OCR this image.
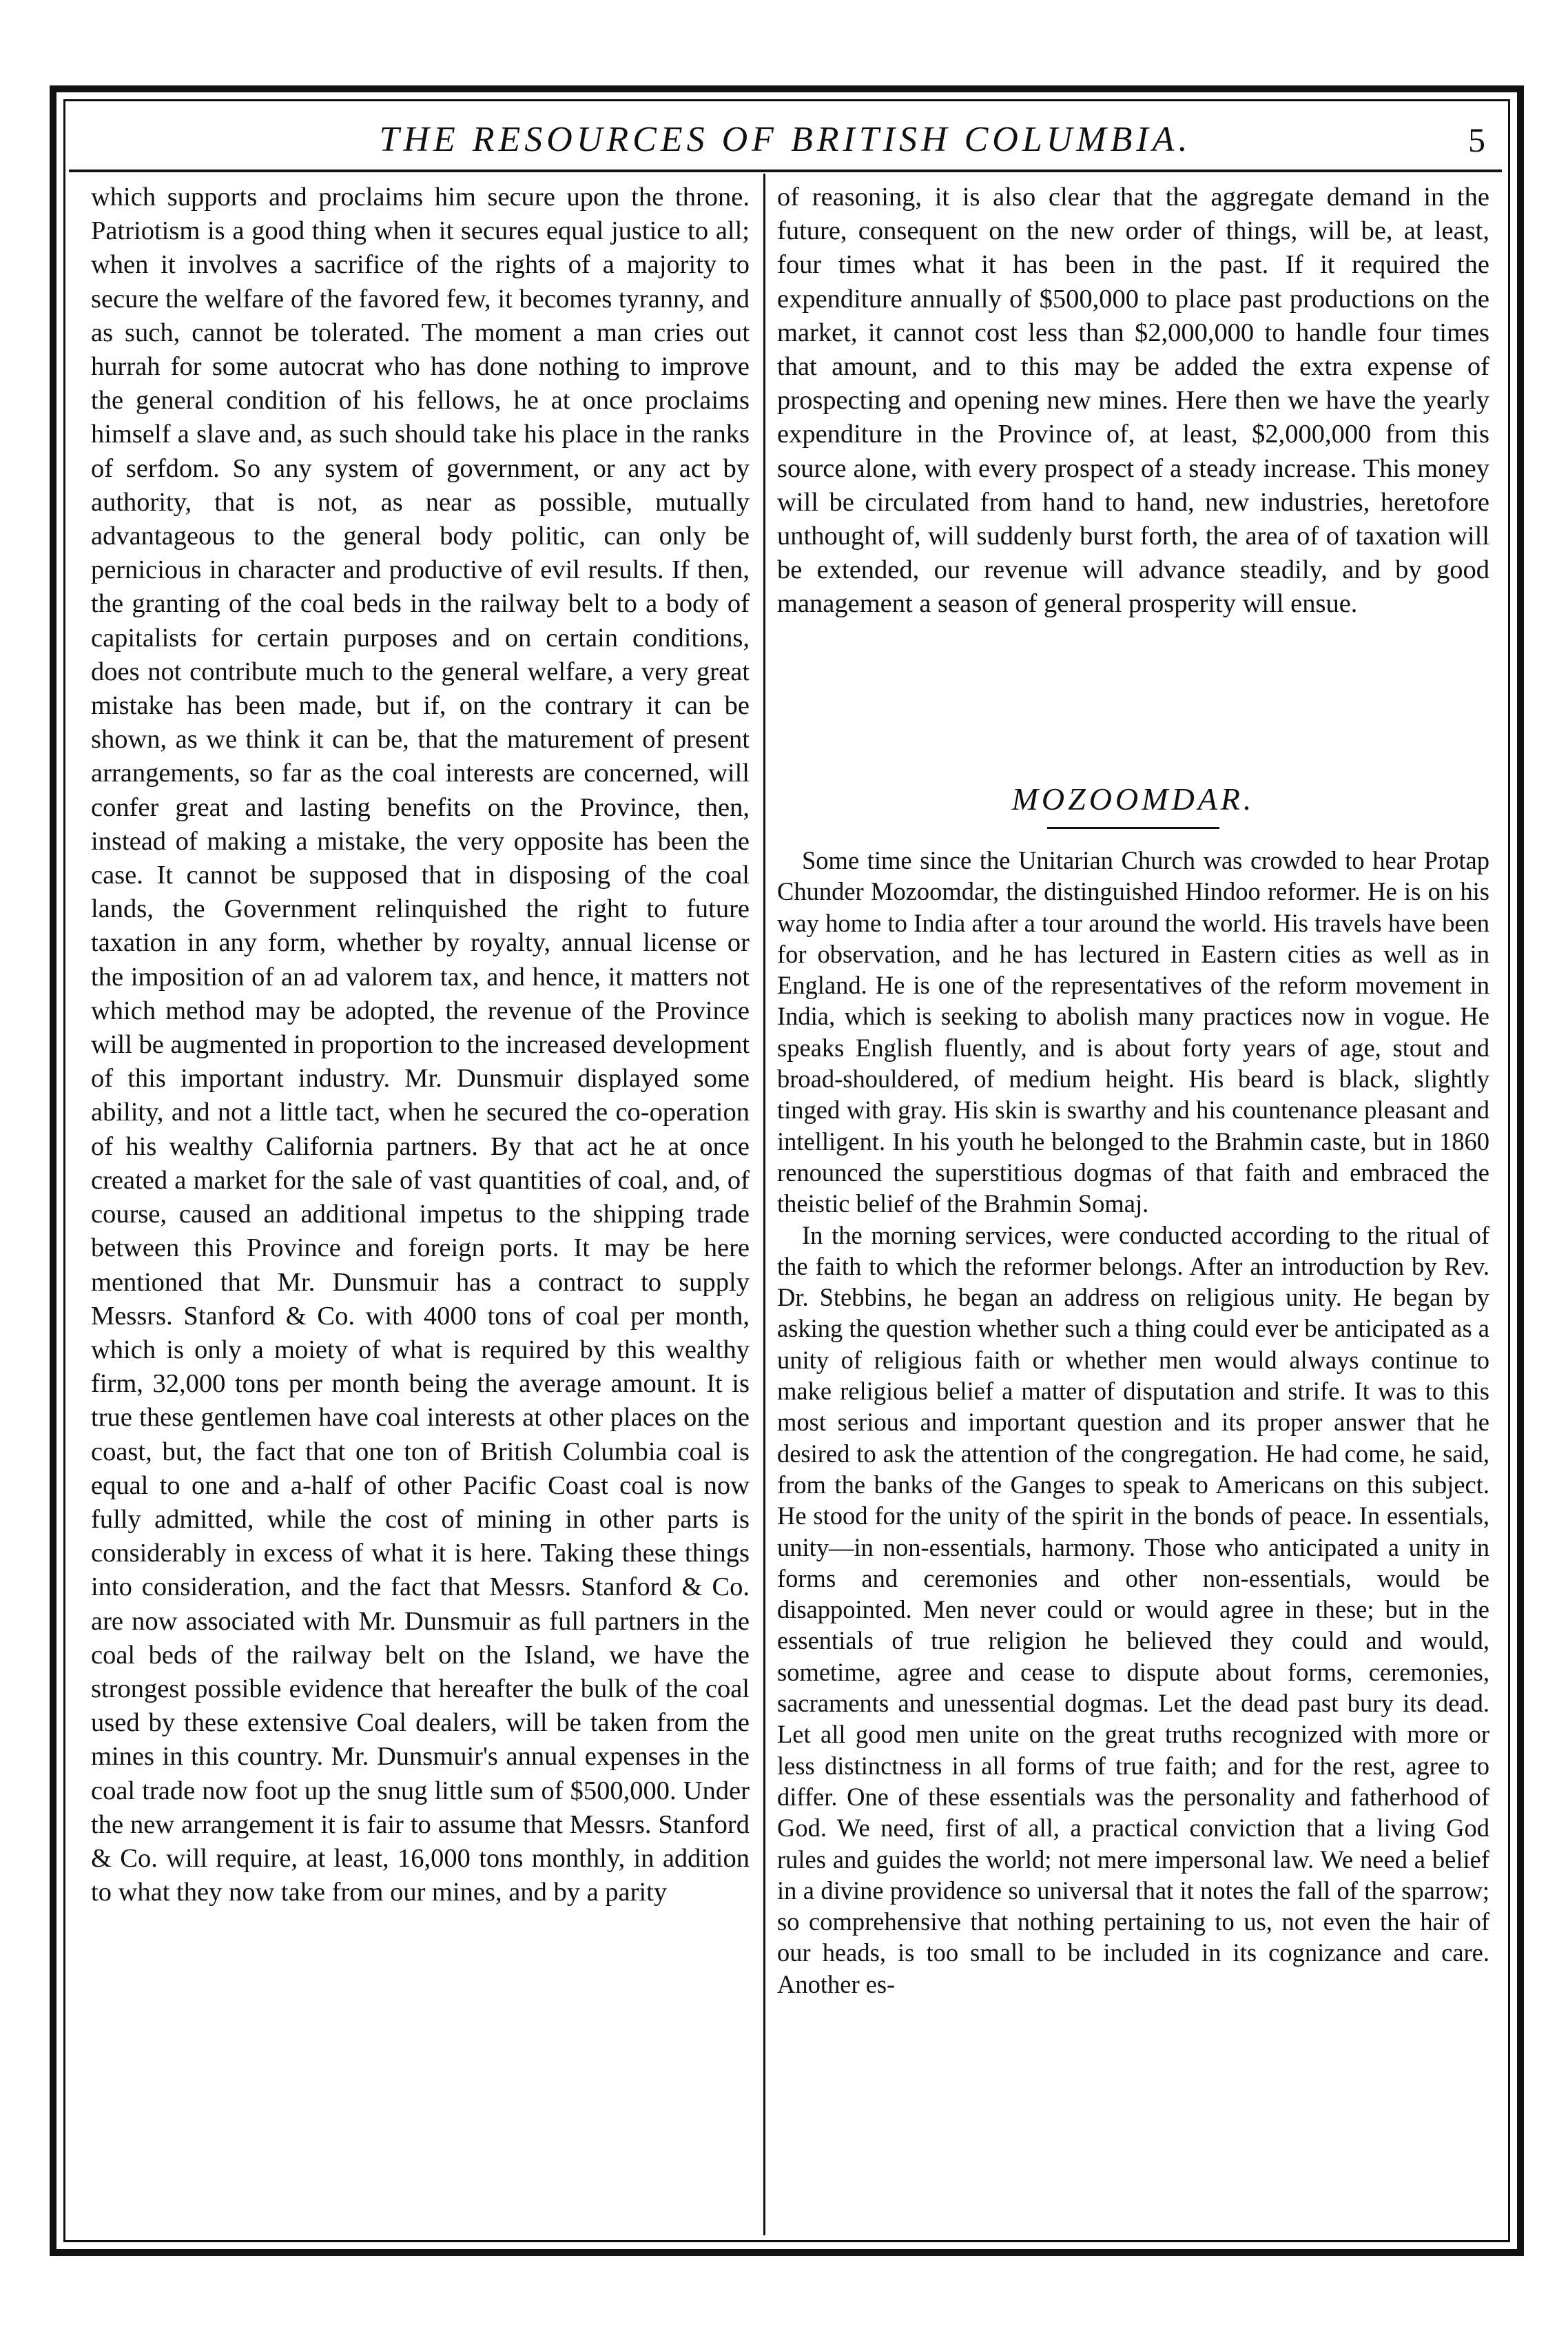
THE RESOURCES OF BRITISH COLUMBIA.	5

which supports and proclaims him secure upon the throne. Patriotism is a good thing when it secures equal justice to all; when it involves a sacrifice of the rights of a majority to secure the welfare of the favored few, it becomes tyranny, and as such, cannot be tolerated. The moment a man cries out hurrah for some autocrat who has done nothing to improve the general condition of his fellows, he at once proclaims himself a slave and, as such should take his place in the ranks of serfdom. So any system of government, or any act by authority, that is not, as near as possible, mutually advantageous to the general body politic, can only be pernicious in character and productive of evil results. If then, the granting of the coal beds in the railway belt to a body of capitalists for certain purposes and on certain conditions, does not contribute much to the general welfare, a very great mistake has been made, but if, on the contrary it can be shown, as we think it can be, that the maturement of present arrangements, so far as the coal interests are concerned, will confer great and lasting benefits on the Province, then, instead of making a mistake, the very opposite has been the case. It cannot be supposed that in disposing of the coal lands, the Government relinquished the right to future taxation in any form, whether by royalty, annual license or the imposition of an ad valorem tax, and hence, it matters not which method may be adopted, the revenue of the Province will be augmented in proportion to the increased development of this important industry. Mr. Dunsmuir displayed some ability, and not a little tact, when he secured the co-operation of his wealthy California partners. By that act he at once created a market for the sale of vast quantities of coal, and, of course, caused an additional impetus to the shipping trade between this Province and foreign ports. It may be here mentioned that Mr. Dunsmuir has a contract to supply Messrs. Stanford & Co. with 4000 tons of coal per month, which is only a moiety of what is required by this wealthy firm, 32,000 tons per month being the average amount. It is true these gentlemen have coal interests at other places on the coast, but, the fact that one ton of British Columbia coal is equal to one and a-half of other Pacific Coast coal is now fully admitted, while the cost of mining in other parts is considerably in excess of what it is here. Taking these things into consideration, and the fact that Messrs. Stanford & Co. are now associated with Mr. Dunsmuir as full partners in the coal beds of the railway belt on the Island, we have the strongest possible evidence that hereafter the bulk of the coal used by these extensive Coal dealers, will be taken from the mines in this country. Mr. Dunsmuir's annual expenses in the coal trade now foot up the snug little sum of $500,000. Under the new arrangement it is fair to assume that Messrs. Stanford & Co. will require, at least, 16,000 tons monthly, in addition to what they now take from our mines, and by a parity

of reasoning, it is also clear that the aggregate demand in the future, consequent on the new order of things, will be, at least, four times what it has been in the past. If it required the expenditure annually of $500,000 to place past productions on the market, it cannot cost less than $2,000,000 to handle four times that amount, and to this may be added the extra expense of prospecting and opening new mines. Here then we have the yearly expenditure in the Province of, at least, $2,000,000 from this source alone, with every prospect of a steady increase. This money will be circulated from hand to hand, new industries, heretofore unthought of, will suddenly burst forth, the area of of taxation will be extended, our revenue will advance steadily, and by good management a season of general prosperity will ensue.

MOZOOMDAR.

Some time since the Unitarian Church was crowded to hear Protap Chunder Mozoomdar, the distinguished Hindoo reformer. He is on his way home to India after a tour around the world. His travels have been for observation, and he has lectured in Eastern cities as well as in England. He is one of the representatives of the reform movement in India, which is seeking to abolish many practices now in vogue. He speaks English fluently, and is about forty years of age, stout and broad-shouldered, of medium height. His beard is black, slightly tinged with gray. His skin is swarthy and his countenance pleasant and intelligent. In his youth he belonged to the Brahmin caste, but in 1860 renounced the superstitious dogmas of that faith and embraced the theistic belief of the Brahmin Somaj.

In the morning services, were conducted according to the ritual of the faith to which the reformer belongs. After an introduction by Rev. Dr. Stebbins, he began an address on religious unity. He began by asking the question whether such a thing could ever be anticipated as a unity of religious faith or whether men would always continue to make religious belief a matter of disputation and strife. It was to this most serious and important question and its proper answer that he desired to ask the attention of the congregation. He had come, he said, from the banks of the Ganges to speak to Americans on this subject. He stood for the unity of the spirit in the bonds of peace. In essentials, unity—in non-essentials, harmony. Those who anticipated a unity in forms and ceremonies and other non-essentials, would be disappointed. Men never could or would agree in these; but in the essentials of true religion he believed they could and would, sometime, agree and cease to dispute about forms, ceremonies, sacraments and unessential dogmas. Let the dead past bury its dead. Let all good men unite on the great truths recognized with more or less distinctness in all forms of true faith; and for the rest, agree to differ. One of these essentials was the personality and fatherhood of God. We need, first of all, a practical conviction that a living God rules and guides the world; not mere impersonal law. We need a belief in a divine providence so universal that it notes the fall of the sparrow; so comprehensive that nothing pertaining to us, not even the hair of our heads, is too small to be included in its cognizance and care. Another es-
